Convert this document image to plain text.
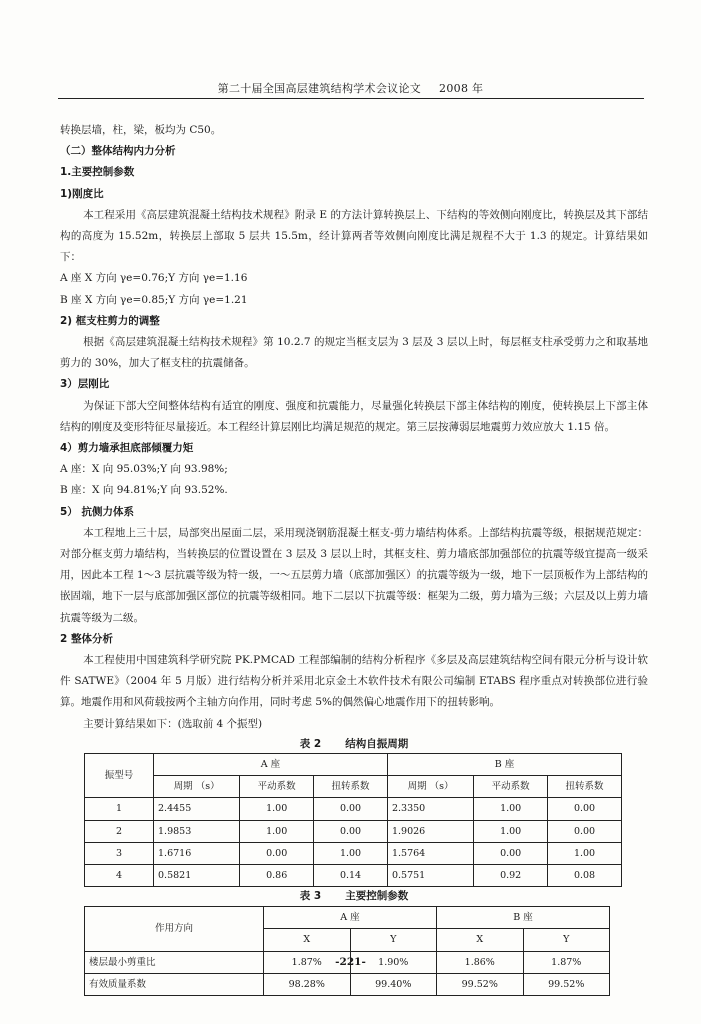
第二十届全国高层建筑结构学术会议论文 2008 年

转换层墙，柱，梁，板均为 C50。

（二）整体结构内力分析

1.主要控制参数

1)刚度比

本工程采用《高层建筑混凝土结构技术规程》附录 E 的方法计算转换层上、下结构的等效侧向刚度比，转换层及其下部结构的高度为 15.52m，转换层上部取 5 层共 15.5m，经计算两者等效侧向刚度比满足规程不大于 1.3 的规定。计算结果如下：

A 座 X 方向 γe=0.76;Y 方向 γe=1.16

B 座 X 方向 γe=0.85;Y 方向 γe=1.21

2) 框支柱剪力的调整

根据《高层建筑混凝土结构技术规程》第 10.2.7 的规定当框支层为 3 层及 3 层以上时，每层框支柱承受剪力之和取基地剪力的 30%，加大了框支柱的抗震储备。

3）层刚比

为保证下部大空间整体结构有适宜的刚度、强度和抗震能力，尽量强化转换层下部主体结构的刚度，使转换层上下部主体结构的刚度及变形特征尽量接近。本工程经计算层刚比均满足规范的规定。第三层按薄弱层地震剪力效应放大 1.15 倍。

4）剪力墙承担底部倾覆力矩

A 座：X 向 95.03%;Y 向 93.98%;

B 座：X 向 94.81%;Y 向 93.52%.

5） 抗侧力体系

本工程地上三十层，局部突出屋面二层，采用现浇钢筋混凝土框支-剪力墙结构体系。上部结构抗震等级，根据规范规定：对部分框支剪力墙结构，当转换层的位置设置在 3 层及 3 层以上时，其框支柱、剪力墙底部加强部位的抗震等级宜提高一级采用，因此本工程 1～3 层抗震等级为特一级，一～五层剪力墙（底部加强区）的抗震等级为一级，地下一层顶板作为上部结构的嵌固端，地下一层与底部加强区部位的抗震等级相同。地下二层以下抗震等级：框架为二级，剪力墙为三级；六层及以上剪力墙抗震等级为二级。

2 整体分析

本工程使用中国建筑科学研究院 PK.PMCAD 工程部编制的结构分析程序《多层及高层建筑结构空间有限元分析与设计软件 SATWE》（2004 年 5 月版）进行结构分析并采用北京金土木软件技术有限公司编制 ETABS 程序重点对转换部位进行验算。地震作用和风荷载按两个主轴方向作用，同时考虑 5%的偶然偏心地震作用下的扭转影响。

主要计算结果如下：(选取前 4 个振型)

表 2 结构自振周期

振型号	A 座			B 座		
	周期 （s）	平动系数	扭转系数	周期 （s）	平动系数	扭转系数
1	2.4455	1.00	0.00	2.3350	1.00	0.00
2	1.9853	1.00	0.00	1.9026	1.00	0.00
3	1.6716	0.00	1.00	1.5764	0.00	1.00
4	0.5821	0.86	0.14	0.5751	0.92	0.08

表 3 主要控制参数

作用方向	A 座		B 座	
	X	Y	X	Y
楼层最小剪重比	1.87%	1.90%	1.86%	1.87%
有效质量系数	98.28%	99.40%	99.52%	99.52%
-221-
